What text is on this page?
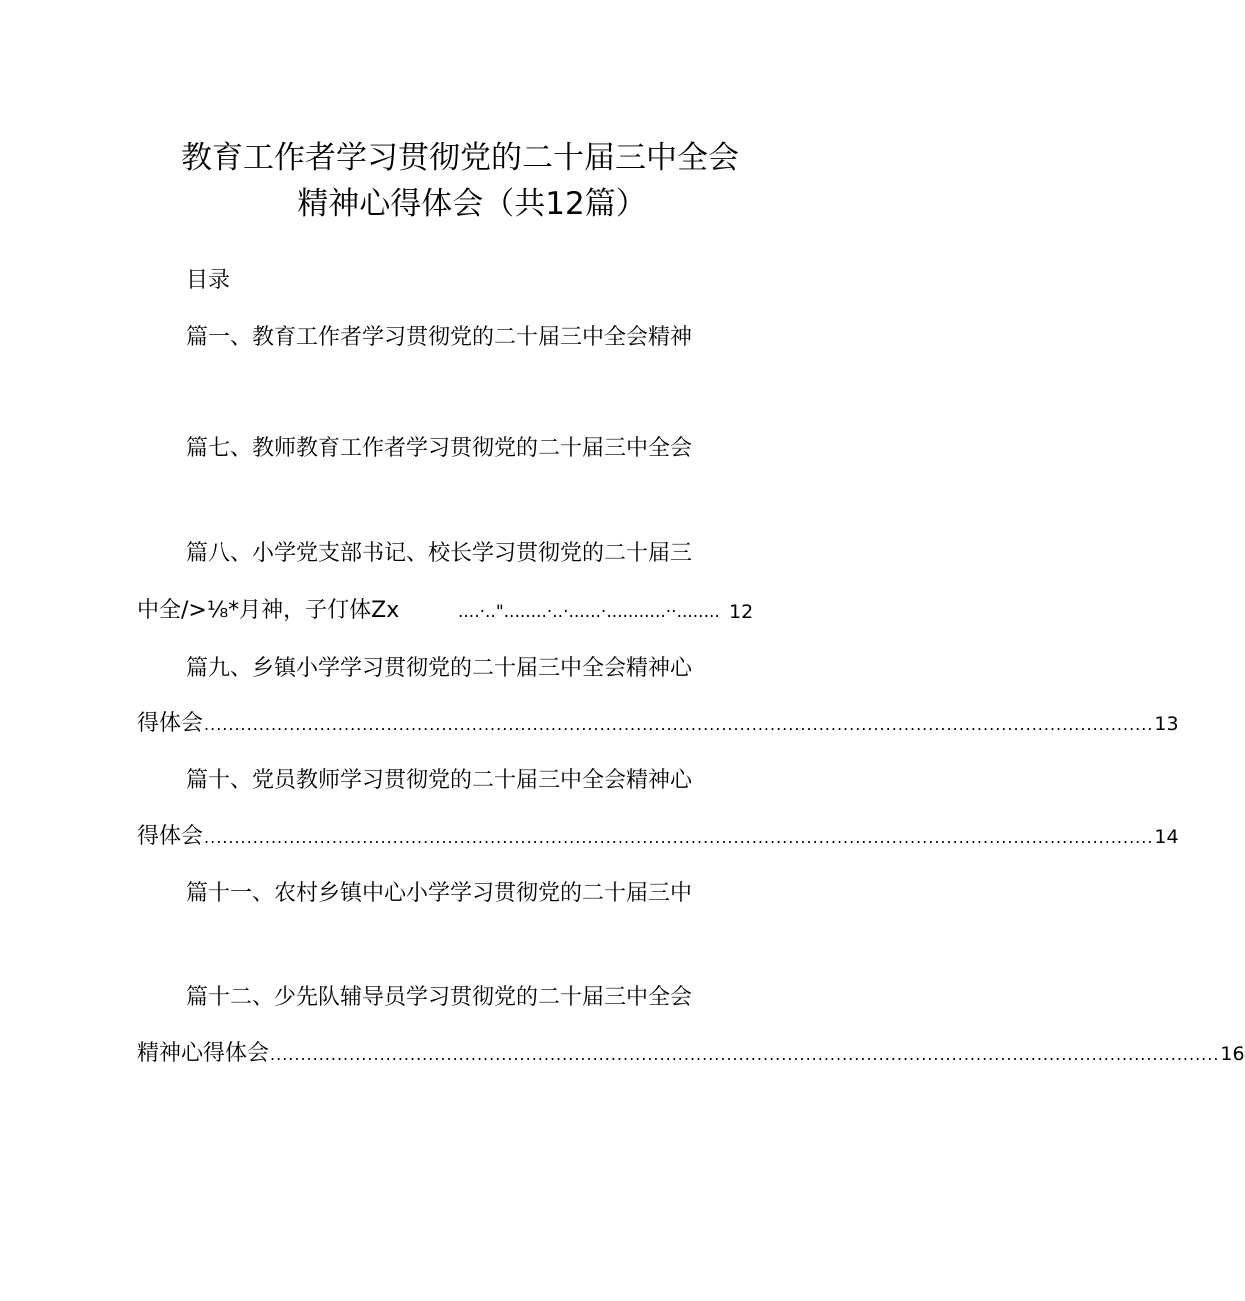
教育工作者学习贯彻党的二十届三中全会
精神心得体会（共12篇）
目录
篇一、教育工作者学习贯彻党的二十届三中全会精神
篇七、教师教育工作者学习贯彻党的二十届三中全会
篇八、小学党支部书记、校长学习贯彻党的二十届三
中全/>⅛*月神，子仃体Zx	....·.."........·..·......·...........··........ 12
篇九、乡镇小学学习贯彻党的二十届三中全会精神心
得体会 ............................................................................................................................................................ 13
篇十、党员教师学习贯彻党的二十届三中全会精神心
得体会 ............................................................................................................................................................ 14
篇十一、农村乡镇中心小学学习贯彻党的二十届三中
篇十二、少先队辅导员学习贯彻党的二十届三中全会
精神心得体会 ............................................................................................................................................................ 16
